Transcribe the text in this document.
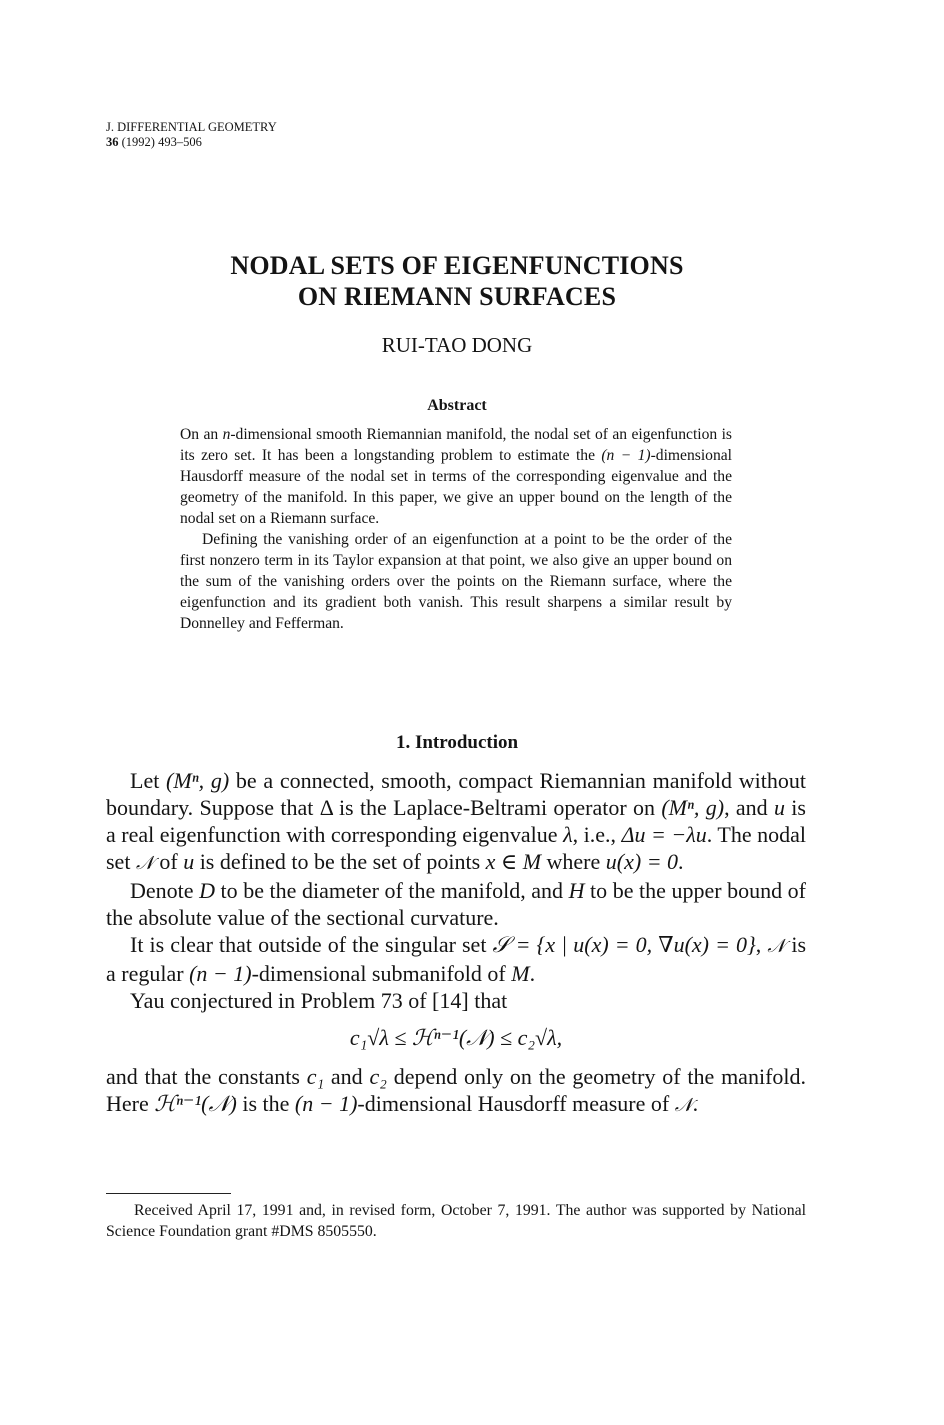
J. DIFFERENTIAL GEOMETRY
36 (1992) 493–506
NODAL SETS OF EIGENFUNCTIONS
ON RIEMANN SURFACES
RUI-TAO DONG
Abstract

On an n-dimensional smooth Riemannian manifold, the nodal set of an eigenfunction is its zero set. It has been a longstanding problem to estimate the (n − 1)-dimensional Hausdorff measure of the nodal set in terms of the corresponding eigenvalue and the geometry of the manifold. In this paper, we give an upper bound on the length of the nodal set on a Riemann surface.

Defining the vanishing order of an eigenfunction at a point to be the order of the first nonzero term in its Taylor expansion at that point, we also give an upper bound on the sum of the vanishing orders over the points on the Riemann surface, where the eigenfunction and its gradient both vanish. This result sharpens a similar result by Donnelley and Fefferman.

1. Introduction

Let (Mⁿ, g) be a connected, smooth, compact Riemannian manifold without boundary. Suppose that Δ is the Laplace-Beltrami operator on (Mⁿ, g), and u is a real eigenfunction with corresponding eigenvalue λ, i.e., Δu = −λu. The nodal set 𝒩 of u is defined to be the set of points x ∈ M where u(x) = 0.

Denote D to be the diameter of the manifold, and H to be the upper bound of the absolute value of the sectional curvature.

It is clear that outside of the singular set 𝒮 = {x | u(x) = 0, ∇u(x) = 0}, 𝒩 is a regular (n − 1)-dimensional submanifold of M.

Yau conjectured in Problem 73 of [14] that

c₁√λ ≤ ℋⁿ⁻¹(𝒩) ≤ c₂√λ,

and that the constants c₁ and c₂ depend only on the geometry of the manifold. Here ℋⁿ⁻¹(𝒩) is the (n − 1)-dimensional Hausdorff measure of 𝒩.

Received April 17, 1991 and, in revised form, October 7, 1991. The author was supported by National Science Foundation grant #DMS 8505550.
